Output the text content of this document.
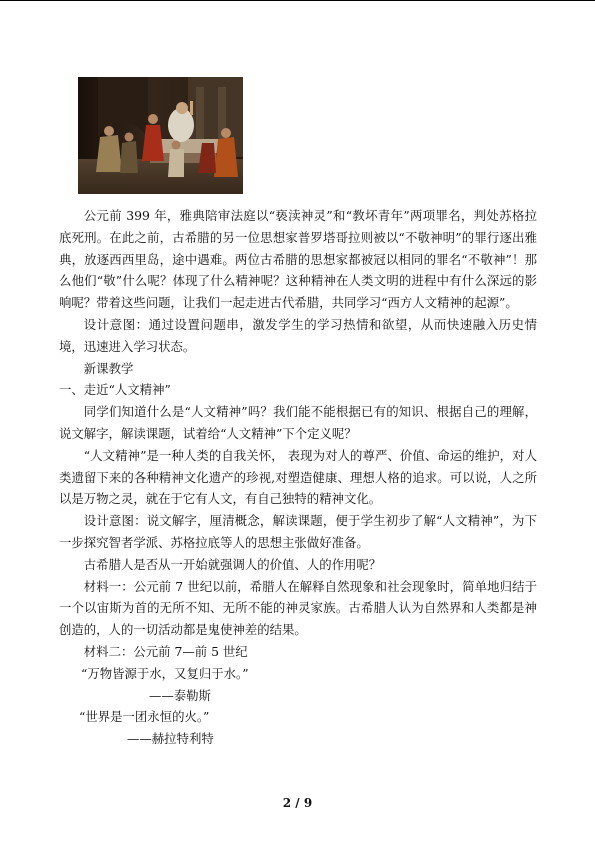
公元前 399 年，雅典陪审法庭以“亵渎神灵”和“教坏青年”两项罪名，判处苏格拉底死刑。在此之前，古希腊的另一位思想家普罗塔哥拉则被以“不敬神明”的罪行逐出雅典，放逐西西里岛，途中遇难。两位古希腊的思想家都被冠以相同的罪名“不敬神”！那么他们“敬”什么呢？体现了什么精神呢？这种精神在人类文明的进程中有什么深远的影响呢？带着这些问题，让我们一起走进古代希腊，共同学习“西方人文精神的起源”。

设计意图：通过设置问题串，激发学生的学习热情和欲望，从而快速融入历史情境，迅速进入学习状态。

新课教学

一、走近“人文精神”

同学们知道什么是“人文精神”吗？我们能不能根据已有的知识、根据自己的理解，说文解字，解读课题，试着给“人文精神”下个定义呢？

“人文精神”是一种人类的自我关怀， 表现为对人的尊严、价值、命运的维护，对人类遗留下来的各种精神文化遗产的珍视,对塑造健康、理想人格的追求。可以说，人之所以是万物之灵，就在于它有人文，有自己独特的精神文化。

设计意图：说文解字，厘清概念，解读课题，便于学生初步了解“人文精神”，为下一步探究智者学派、苏格拉底等人的思想主张做好准备。

古希腊人是否从一开始就强调人的价值、人的作用呢？

材料一：公元前 7 世纪以前，希腊人在解释自然现象和社会现象时，简单地归结于一个以宙斯为首的无所不知、无所不能的神灵家族。古希腊人认为自然界和人类都是神创造的，人的一切活动都是鬼使神差的结果。

材料二：公元前 7—前 5 世纪

“万物皆源于水，又复归于水。”
——泰勒斯
“世界是一团永恒的火。”
——赫拉特利特
2 / 9
